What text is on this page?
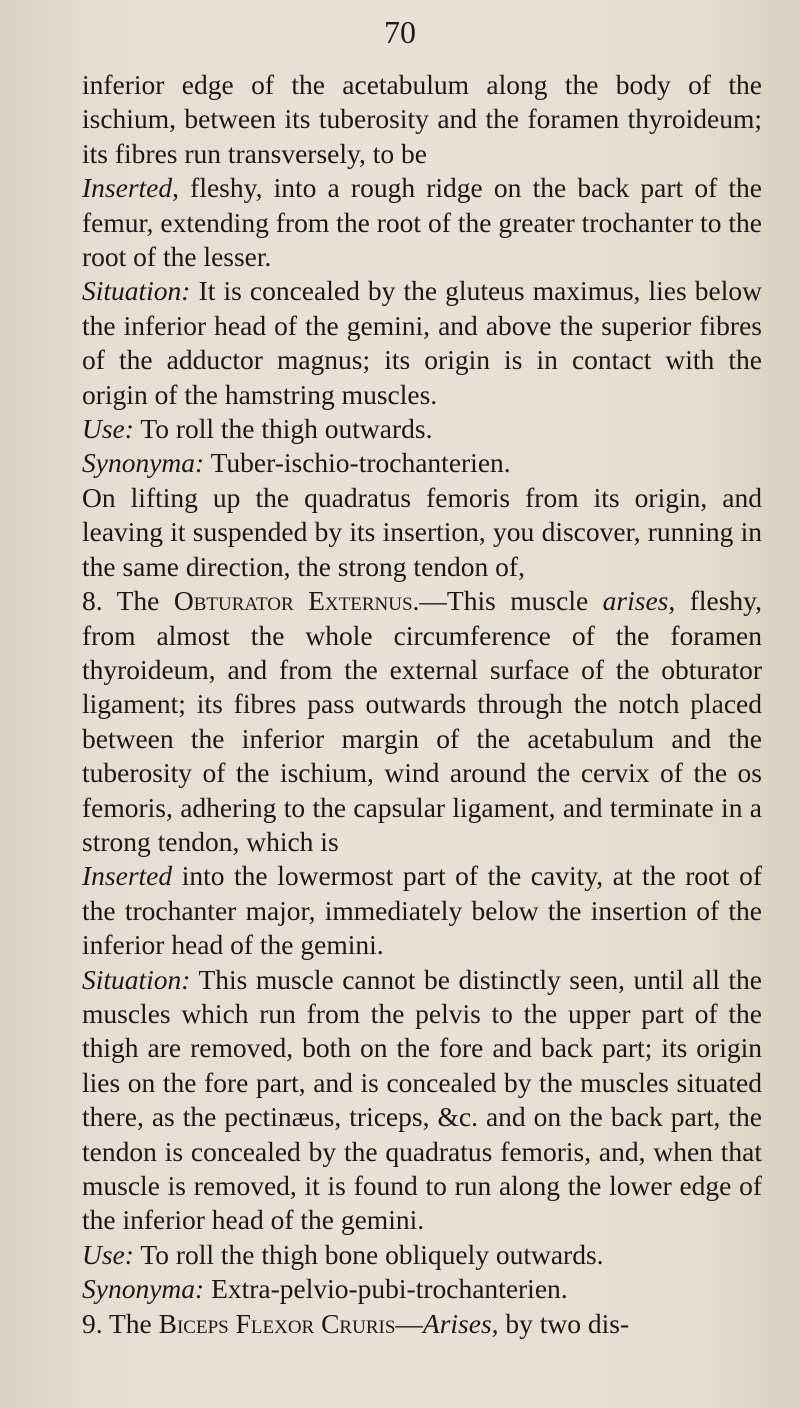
70

inferior edge of the acetabulum along the body of the ischium, between its tuberosity and the foramen thyroideum; its fibres run transversely, to be

Inserted, fleshy, into a rough ridge on the back part of the femur, extending from the root of the greater trochanter to the root of the lesser.

Situation: It is concealed by the gluteus maximus, lies below the inferior head of the gemini, and above the superior fibres of the adductor magnus; its origin is in contact with the origin of the hamstring muscles.

Use: To roll the thigh outwards.

Synonyma: Tuber-ischio-trochanterien.

On lifting up the quadratus femoris from its origin, and leaving it suspended by its insertion, you discover, running in the same direction, the strong tendon of,

8. The Obturator Externus.—This muscle arises, fleshy, from almost the whole circumference of the foramen thyroideum, and from the external surface of the obturator ligament; its fibres pass outwards through the notch placed between the inferior margin of the acetabulum and the tuberosity of the ischium, wind around the cervix of the os femoris, adhering to the capsular ligament, and terminate in a strong tendon, which is

Inserted into the lowermost part of the cavity, at the root of the trochanter major, immediately below the insertion of the inferior head of the gemini.

Situation: This muscle cannot be distinctly seen, until all the muscles which run from the pelvis to the upper part of the thigh are removed, both on the fore and back part; its origin lies on the fore part, and is concealed by the muscles situated there, as the pectinæus, triceps, &c. and on the back part, the tendon is concealed by the quadratus femoris, and, when that muscle is removed, it is found to run along the lower edge of the inferior head of the gemini.

Use: To roll the thigh bone obliquely outwards.

Synonyma: Extra-pelvio-pubi-trochanterien.

9. The Biceps Flexor Cruris—Arises, by two dis-
